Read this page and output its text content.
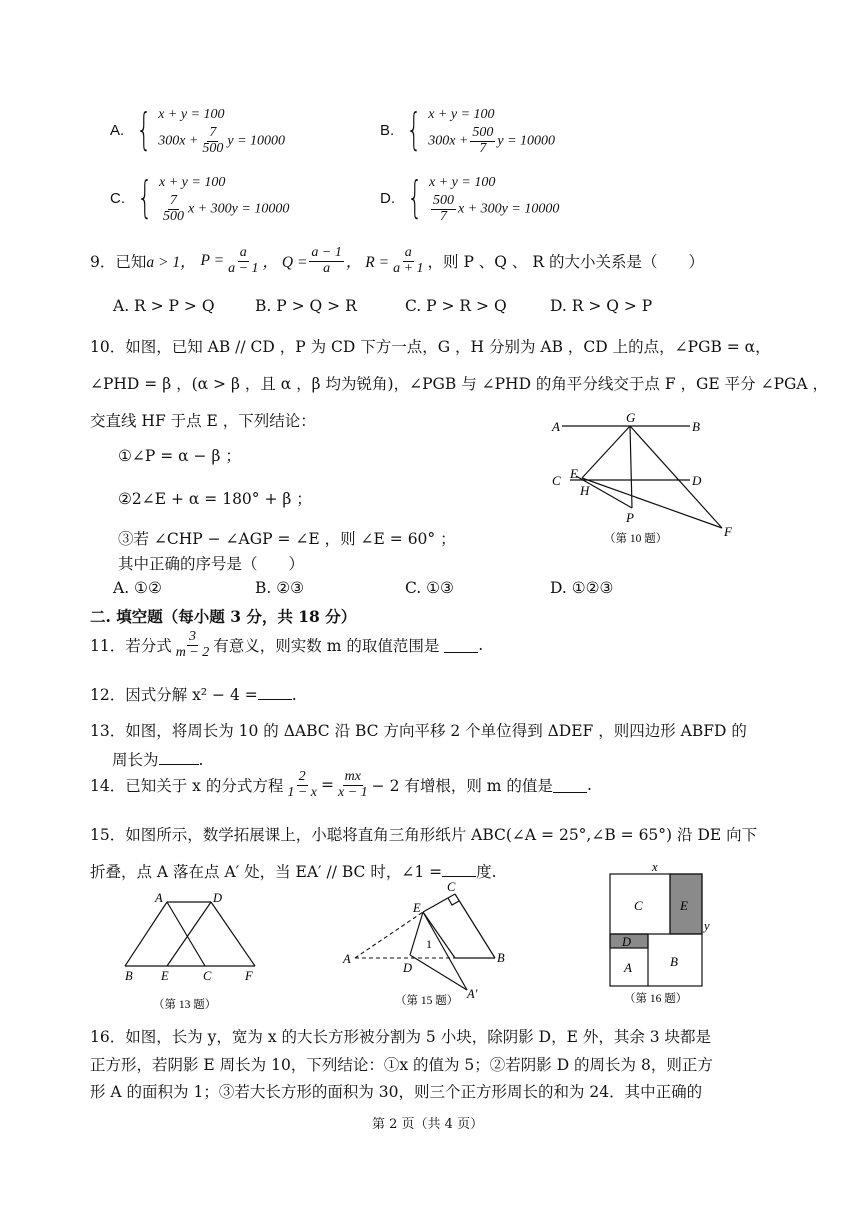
A. { x + y = 100
$300x + \frac{7}{500}$ y = 10000
B. { x + y = 100
$300x + \frac{500}{7}$ y = 10000
C. { x + y = 100
$\frac{7}{500}$ x + 300y = 10000
D. { x + y = 100
$\frac{500}{7}$ x + 300y = 10000
9．已知 a > 1，
$P = \frac{a}{a - 1}$ ， $Q = \frac{a - 1}{a}$ ， $R = \frac{a}{a + 1}$ ，则 P 、Q 、 R 的大小关系是（　　）
A. R > P > Q	B. P > Q > R	C. P > R > Q	D. R > Q > P
10．如图，已知 AB // CD ，P 为 CD 下方一点，G ，H 分别为 AB ，CD 上的点，∠PGB = α，
∠PHD = β ，(α > β ，且 α ，β 均为锐角)，∠PGB 与 ∠PHD 的角平分线交于点 F ，GE 平分 ∠PGA ，
交直线 HF 于点 E ，下列结论：
①∠P = α − β ；
②2∠E + α = 180° + β ；
③若 ∠CHP − ∠AGP = ∠E ，则 ∠E = 60° ；
其中正确的序号是（　　）
A. ①②	B. ②③	C. ①③	D. ①②③
A	B
G
C	D
E
H
P
F
（第 10 题）
二. 填空题（每小题 3 分，共 18 分）
11．若分式 $\frac{3}{m - 2}$ 有意义，则实数 m 的取值范围是
	.
12．因式分解 x² − 4 = .
13．如图，将周长为 10 的 ΔABC 沿 BC 方向平移 2 个单位得到 ΔDEF ，则四边形 ABFD 的
周长为	.
14．已知关于 x 的分式方程 $\frac{2}{1 - x} = \frac{mx}{x - 1} - 2$ 有增根，则 m 的值是 .
15．如图所示，数学拓展课上，小聪将直角三角形纸片 ABC(∠A = 25°,∠B = 65°) 沿 DE 向下
折叠，点 A 落在点 A′ 处，当 EA′ // BC 时，∠1 = 度.
A	D
B E	C	F
（第 13 题）
C
E
A
D
B
A′
1
（第 15 题）
x
y
C	E
D
A	B
（第 16 题）
16．如图，长为 y，宽为 x 的大长方形被分割为 5 小块，除阴影 D，E 外，其余 3 块都是
正方形，若阴影 E 周长为 10，下列结论：①x 的值为 5；②若阴影 D 的周长为 8，则正方
形 A 的面积为 1；③若大长方形的面积为 30，则三个正方形周长的和为 24．其中正确的
第 2 页（共 4 页）
